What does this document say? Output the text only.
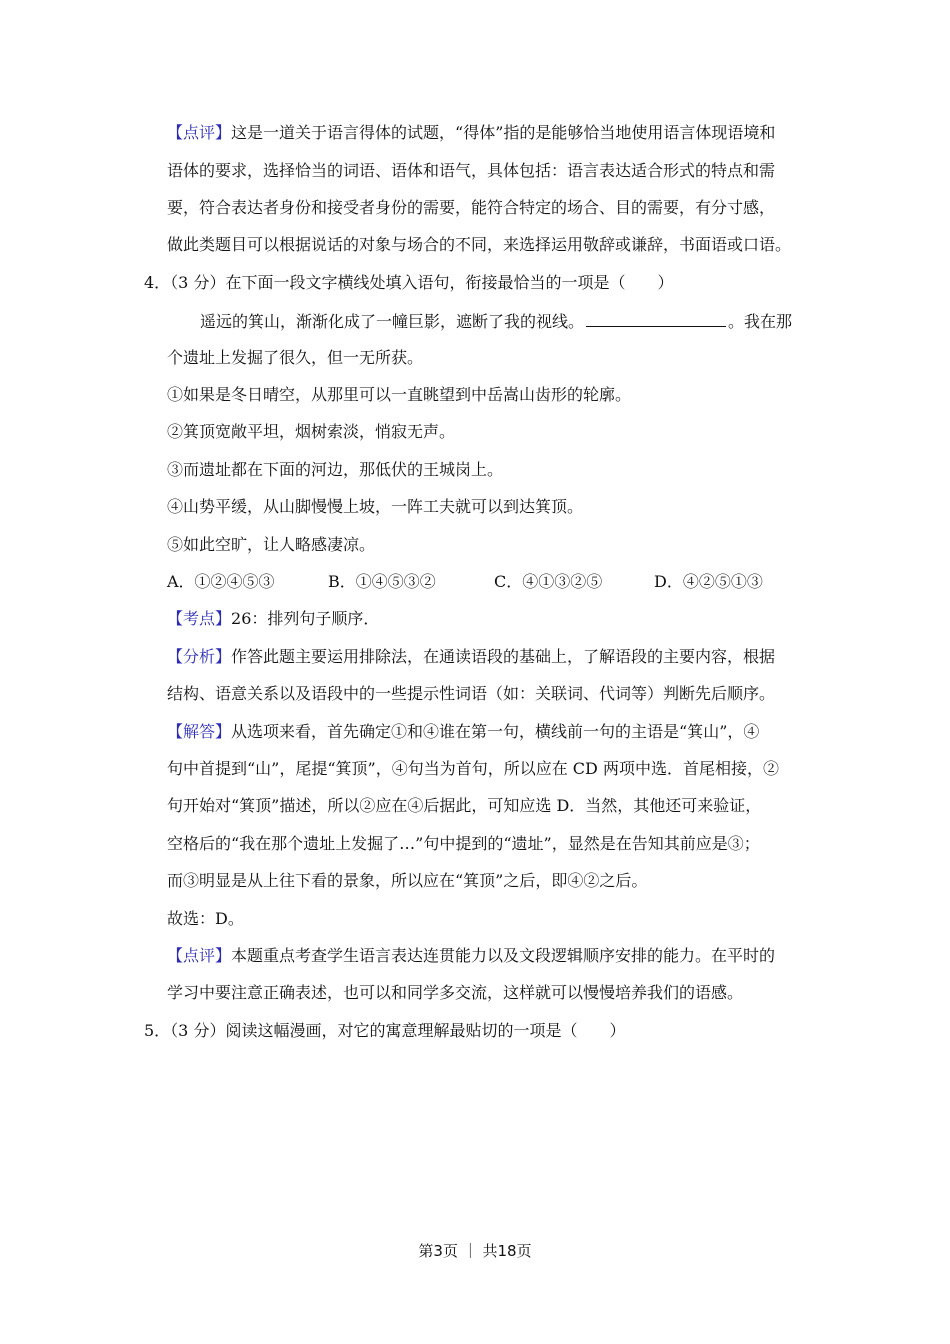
【点评】这是一道关于语言得体的试题，“得体”指的是能够恰当地使用语言体现语境和
语体的要求，选择恰当的词语、语体和语气，具体包括：语言表达适合形式的特点和需
要，符合表达者身份和接受者身份的需要，能符合特定的场合、目的需要，有分寸感，
做此类题目可以根据说话的对象与场合的不同，来选择运用敬辞或谦辞，书面语或口语。
4．（3 分）在下面一段文字横线处填入语句，衔接最恰当的一项是（　　）
遥远的箕山，渐渐化成了一幢巨影，遮断了我的视线。	。我在那
个遗址上发掘了很久，但一无所获。
①如果是冬日晴空，从那里可以一直眺望到中岳嵩山齿形的轮廓。
②箕顶宽敞平坦，烟树索淡，悄寂无声。
③而遗址都在下面的河边，那低伏的王城岗上。
④山势平缓，从山脚慢慢上坡，一阵工夫就可以到达箕顶。
⑤如此空旷，让人略感凄凉。
A．①②④⑤③	B．①④⑤③②	C．④①③②⑤	D．④②⑤①③
【考点】26：排列句子顺序．
【分析】作答此题主要运用排除法，在通读语段的基础上，了解语段的主要内容，根据
结构、语意关系以及语段中的一些提示性词语（如：关联词、代词等）判断先后顺序。
【解答】从选项来看，首先确定①和④谁在第一句，横线前一句的主语是“箕山”，④
句中首提到“山”，尾提“箕顶”，④句当为首句，所以应在 CD 两项中选．首尾相接，②
句开始对“箕顶”描述，所以②应在④后据此，可知应选 D．当然，其他还可来验证，
空格后的“我在那个遗址上发掘了…”句中提到的“遗址”，显然是在告知其前应是③；
而③明显是从上往下看的景象，所以应在“箕顶”之后，即④②之后。
故选：D。
【点评】本题重点考查学生语言表达连贯能力以及文段逻辑顺序安排的能力。在平时的
学习中要注意正确表述，也可以和同学多交流，这样就可以慢慢培养我们的语感。
5．（3 分）阅读这幅漫画，对它的寓意理解最贴切的一项是（　　）
第3页 ｜ 共18页
